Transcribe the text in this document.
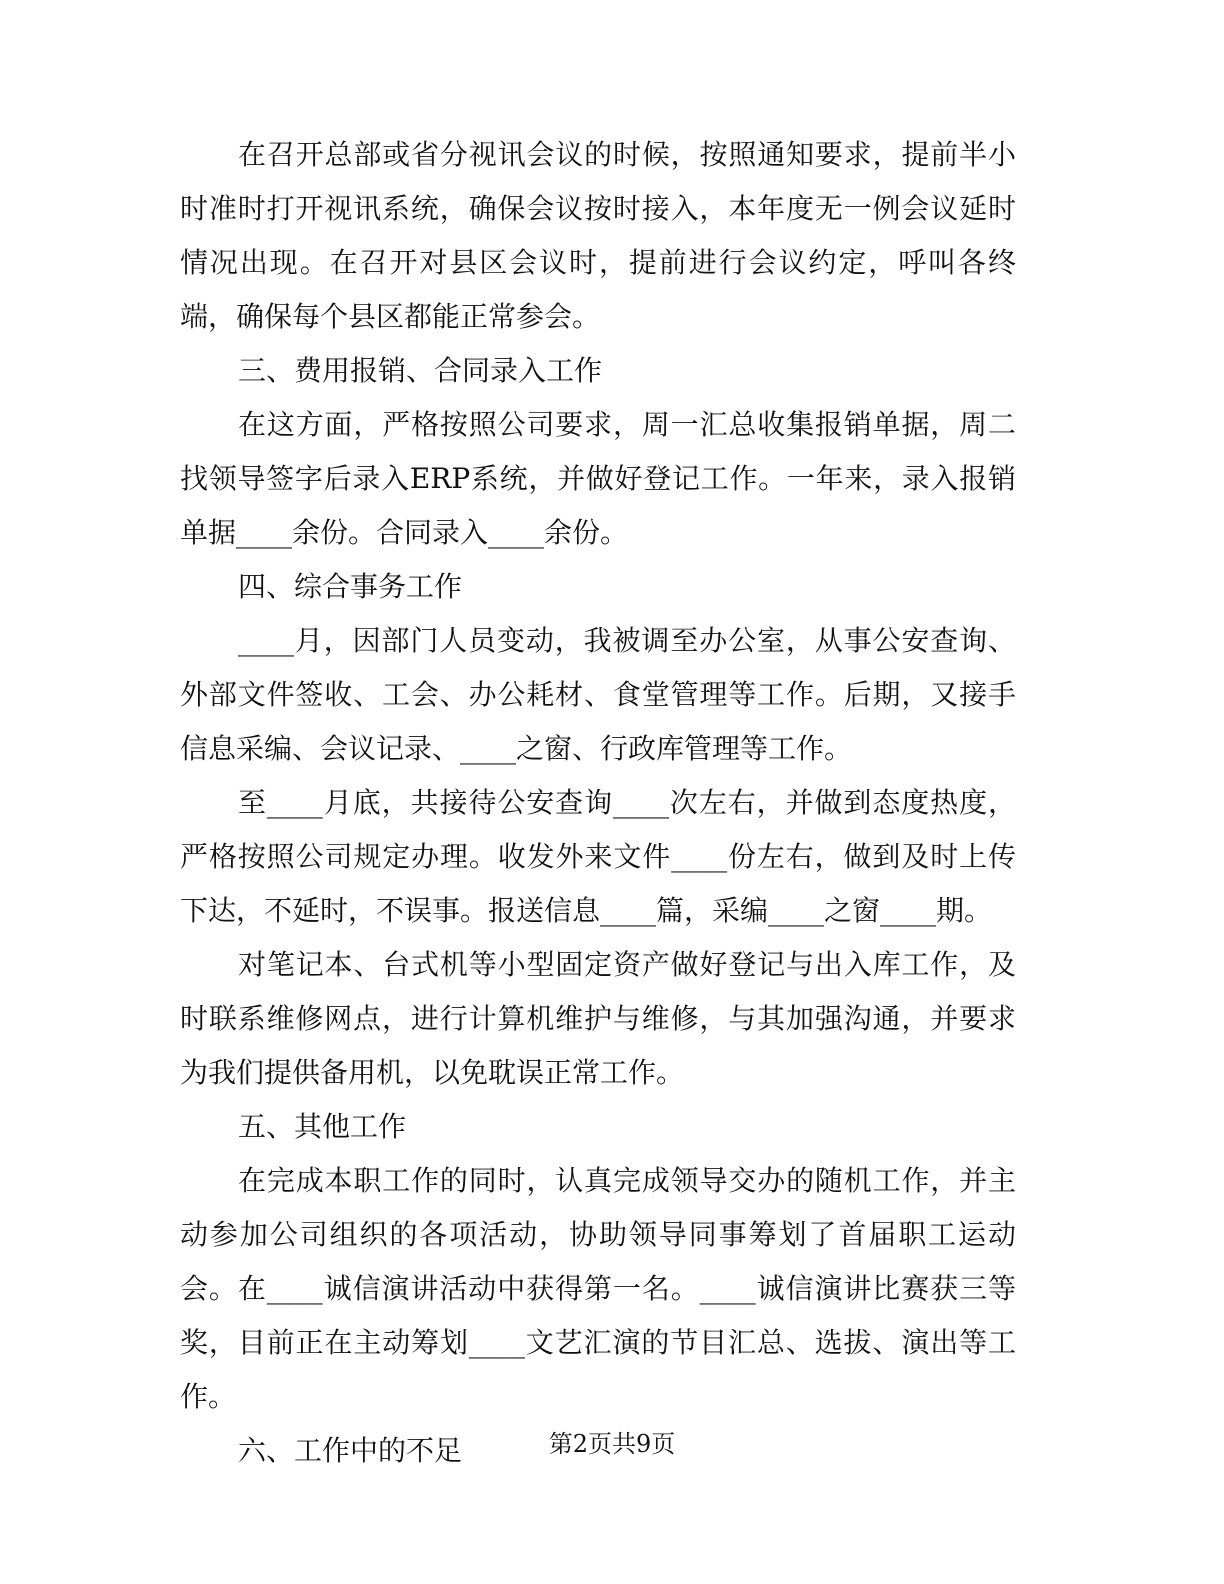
在召开总部或省分视讯会议的时候，按照通知要求，提前半小时准时打开视讯系统，确保会议按时接入，本年度无一例会议延时情况出现。在召开对县区会议时，提前进行会议约定，呼叫各终端，确保每个县区都能正常参会。

三、费用报销、合同录入工作

在这方面，严格按照公司要求，周一汇总收集报销单据，周二找领导签字后录入ERP系统，并做好登记工作。一年来，录入报销单据____余份。合同录入____余份。

四、综合事务工作

____月，因部门人员变动，我被调至办公室，从事公安查询、外部文件签收、工会、办公耗材、食堂管理等工作。后期，又接手信息采编、会议记录、____之窗、行政库管理等工作。

至____月底，共接待公安查询____次左右，并做到态度热度，严格按照公司规定办理。收发外来文件____份左右，做到及时上传下达，不延时，不误事。报送信息____篇，采编____之窗____期。

对笔记本、台式机等小型固定资产做好登记与出入库工作，及时联系维修网点，进行计算机维护与维修，与其加强沟通，并要求为我们提供备用机，以免耽误正常工作。

五、其他工作

在完成本职工作的同时，认真完成领导交办的随机工作，并主动参加公司组织的各项活动，协助领导同事筹划了首届职工运动会。在____诚信演讲活动中获得第一名。____诚信演讲比赛获三等奖，目前正在主动筹划____文艺汇演的节目汇总、选拔、演出等工作。

六、工作中的不足	第2页共9页
